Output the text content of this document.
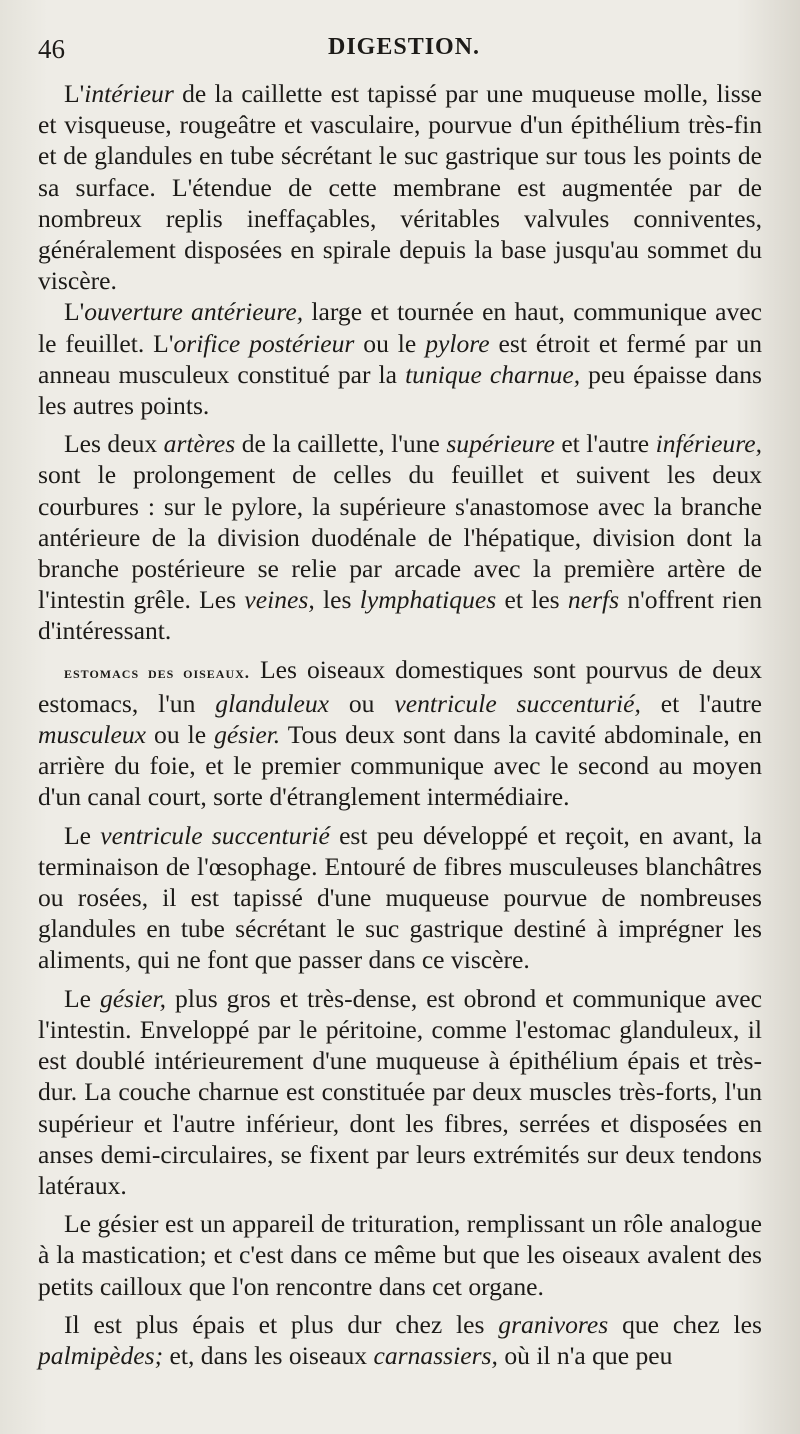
46	DIGESTION.

L'intérieur de la caillette est tapissé par une muqueuse molle, lisse et visqueuse, rougeâtre et vasculaire, pourvue d'un épithélium très-fin et de glandules en tube sécrétant le suc gastrique sur tous les points de sa surface. L'étendue de cette membrane est augmentée par de nombreux replis ineffaçables, véritables valvules conniventes, généralement disposées en spirale depuis la base jusqu'au sommet du viscère.

L'ouverture antérieure, large et tournée en haut, communique avec le feuillet. L'orifice postérieur ou le pylore est étroit et fermé par un anneau musculeux constitué par la tunique charnue, peu épaisse dans les autres points.

Les deux artères de la caillette, l'une supérieure et l'autre inférieure, sont le prolongement de celles du feuillet et suivent les deux courbures : sur le pylore, la supérieure s'anastomose avec la branche antérieure de la division duodénale de l'hépatique, division dont la branche postérieure se relie par arcade avec la première artère de l'intestin grêle. Les veines, les lymphatiques et les nerfs n'offrent rien d'intéressant.

estomacs des oiseaux. Les oiseaux domestiques sont pourvus de deux estomacs, l'un glanduleux ou ventricule succenturié, et l'autre musculeux ou le gésier. Tous deux sont dans la cavité abdominale, en arrière du foie, et le premier communique avec le second au moyen d'un canal court, sorte d'étranglement intermédiaire.

Le ventricule succenturié est peu développé et reçoit, en avant, la terminaison de l'œsophage. Entouré de fibres musculeuses blanchâtres ou rosées, il est tapissé d'une muqueuse pourvue de nombreuses glandules en tube sécrétant le suc gastrique destiné à imprégner les aliments, qui ne font que passer dans ce viscère.

Le gésier, plus gros et très-dense, est obrond et communique avec l'intestin. Enveloppé par le péritoine, comme l'estomac glanduleux, il est doublé intérieurement d'une muqueuse à épithélium épais et très-dur. La couche charnue est constituée par deux muscles très-forts, l'un supérieur et l'autre inférieur, dont les fibres, serrées et disposées en anses demi-circulaires, se fixent par leurs extrémités sur deux tendons latéraux.

Le gésier est un appareil de trituration, remplissant un rôle analogue à la mastication; et c'est dans ce même but que les oiseaux avalent des petits cailloux que l'on rencontre dans cet organe.

Il est plus épais et plus dur chez les granivores que chez les palmipèdes; et, dans les oiseaux carnassiers, où il n'a que peu
